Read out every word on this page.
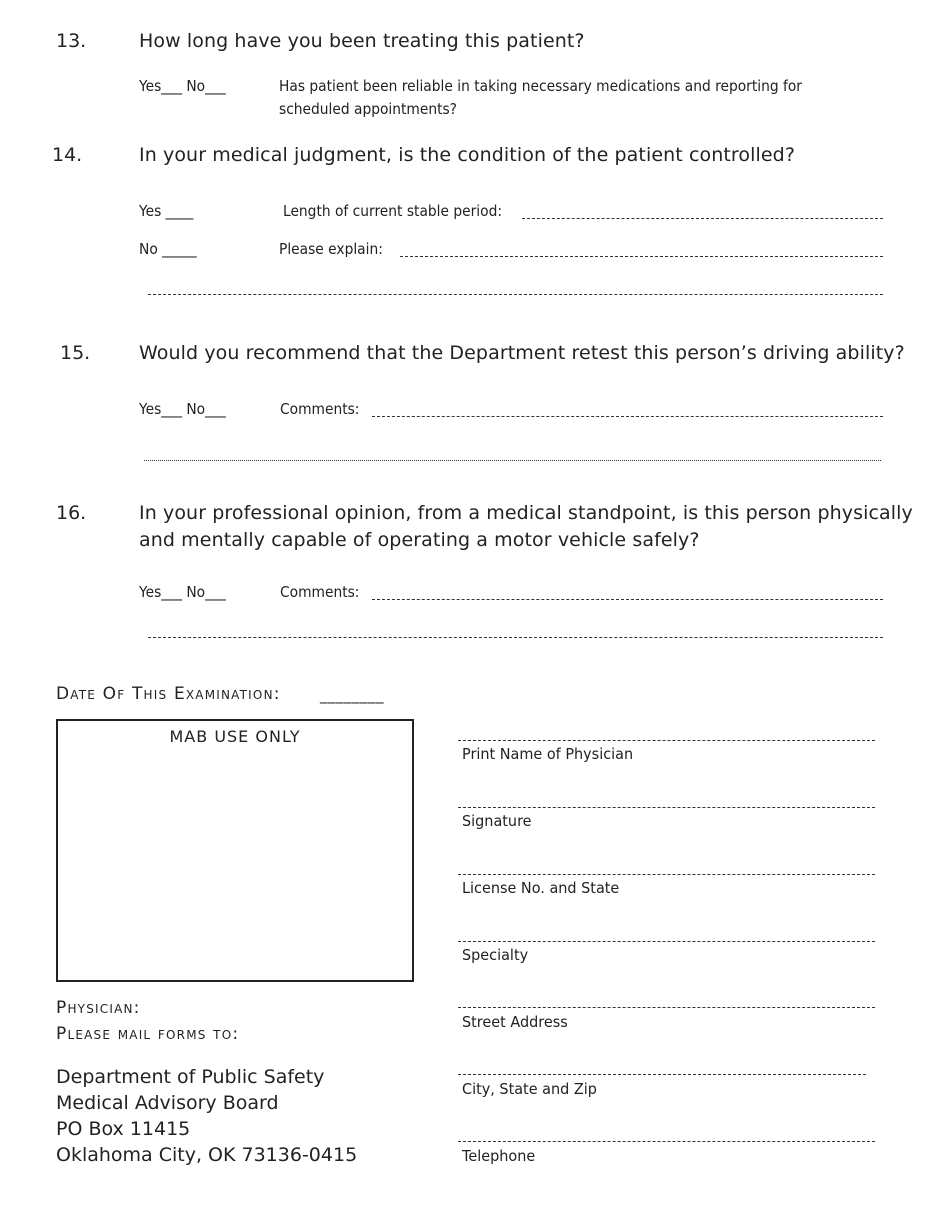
13.	How long have you been treating this patient?
Yes___ No___	Has patient been reliable in taking necessary medications and reporting for
scheduled appointments?
14.	In your medical judgment, is the condition of the patient controlled?
Yes ____	Length of current stable period:
No _____	Please explain:
15.	Would you recommend that the Department retest this person’s driving ability?
Yes___ No___	Comments:
16.	In your professional opinion, from a medical standpoint, is this person physically
and mentally capable of operating a motor vehicle safely?
Yes___ No___	Comments:
Date Of This Examination:	________
MAB USE ONLY
Print Name of Physician
Signature
License No. and State
Specialty
Street Address
City, State and Zip
Telephone
Physician:
Please mail forms to:
Department of Public Safety
Medical Advisory Board
PO Box 11415
Oklahoma City, OK 73136-0415
